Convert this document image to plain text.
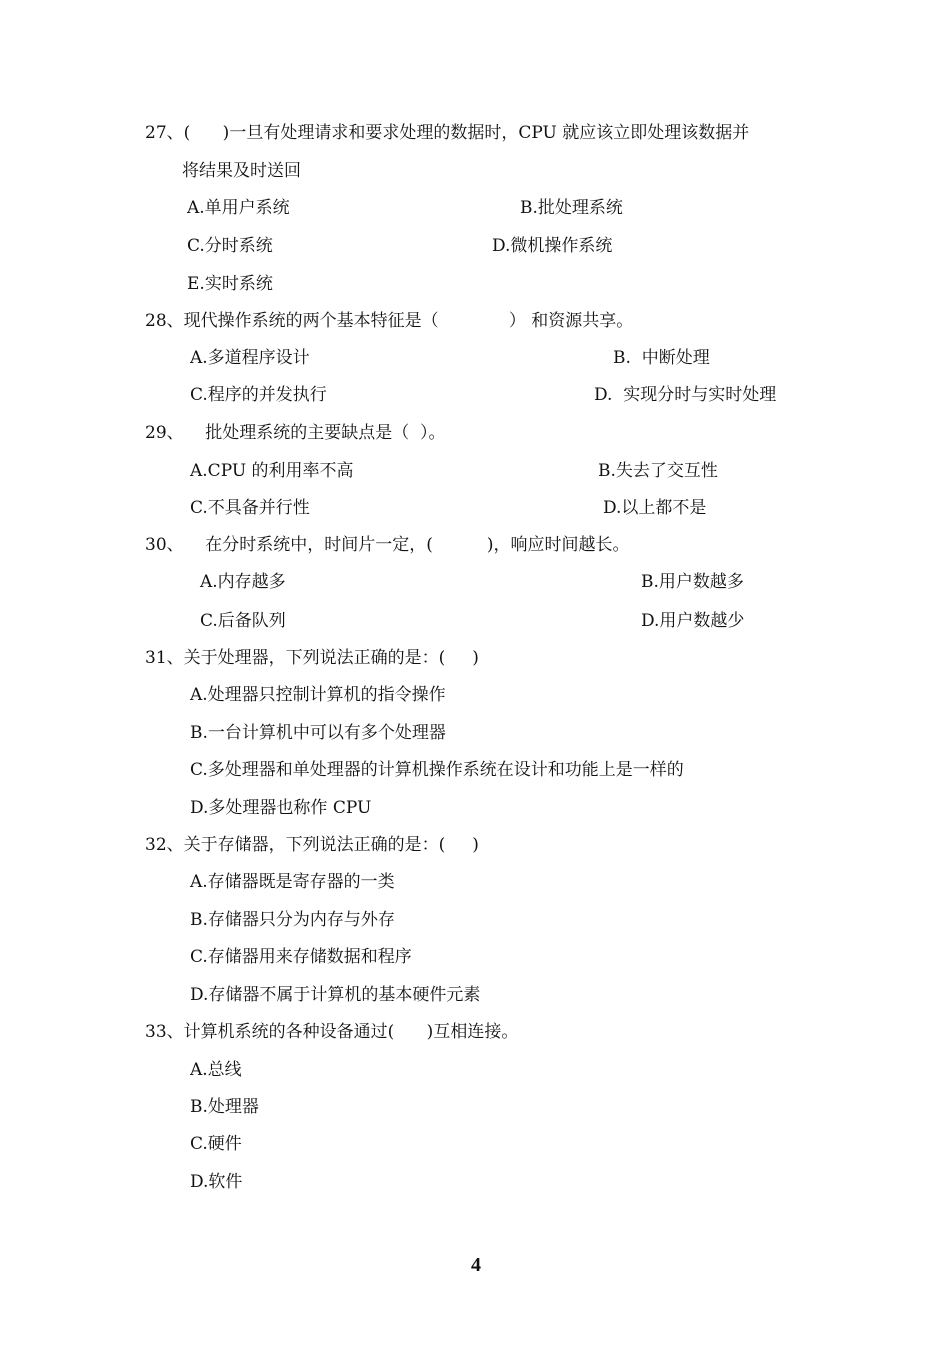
27、(      )一旦有处理请求和要求处理的数据时，CPU 就应该立即处理该数据并
将结果及时送回
A.单用户系统	B.批处理系统
C.分时系统	D.微机操作系统
E.实时系统
28、现代操作系统的两个基本特征是（             ） 和资源共享。
A.多道程序设计	B.  中断处理
C.程序的并发执行	D.  实现分时与实时处理
29、    批处理系统的主要缺点是（  ）。
A.CPU 的利用率不高	B.失去了交互性
C.不具备并行性	D.以上都不是
30、    在分时系统中，时间片一定，(          )，响应时间越长。
A.内存越多	B.用户数越多
C.后备队列	D.用户数越少
31、关于处理器，下列说法正确的是：(     )
A.处理器只控制计算机的指令操作
B.一台计算机中可以有多个处理器
C.多处理器和单处理器的计算机操作系统在设计和功能上是一样的
D.多处理器也称作 CPU
32、关于存储器，下列说法正确的是：(     )
A.存储器既是寄存器的一类
B.存储器只分为内存与外存
C.存储器用来存储数据和程序
D.存储器不属于计算机的基本硬件元素
33、计算机系统的各种设备通过(      )互相连接。
A.总线
B.处理器
C.硬件
D.软件
4
